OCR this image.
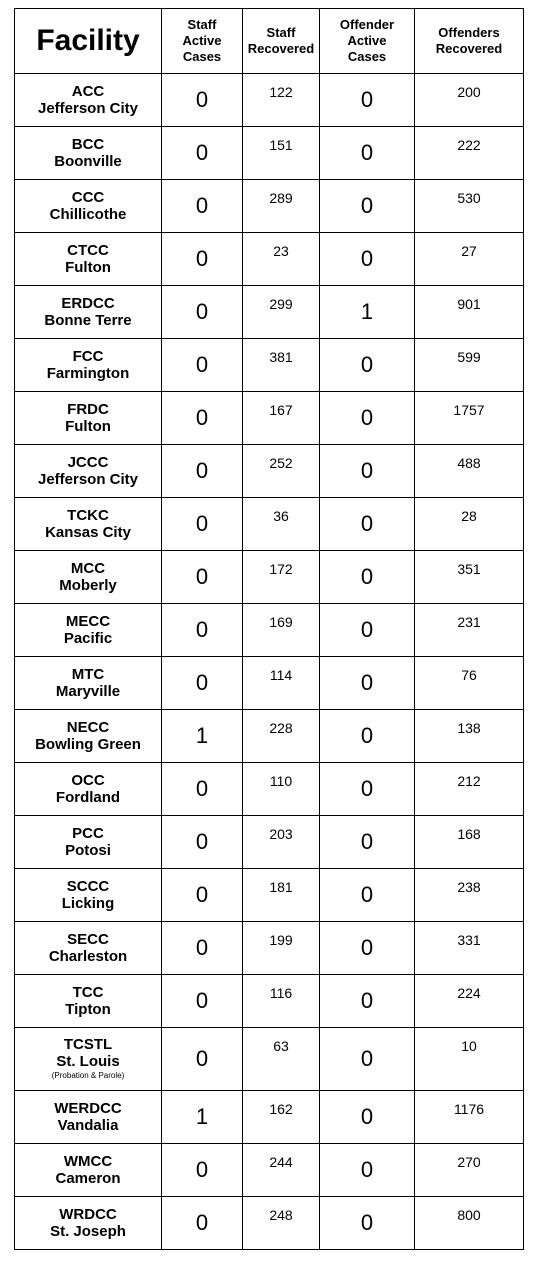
Facility	Staff
Active
Cases	Staff
Recovered	Offender
Active
Cases	Offenders
Recovered

ACC
Jefferson City	0	122	0	200

BCC
Boonville	0	151	0	222

CCC
Chillicothe	0	289	0	530

CTCC
Fulton	0	23	0	27

ERDCC
Bonne Terre	0	299	1	901

FCC
Farmington	0	381	0	599

FRDC
Fulton	0	167	0	1757

JCCC
Jefferson City	0	252	0	488

TCKC
Kansas City	0	36	0	28

MCC
Moberly	0	172	0	351

MECC
Pacific	0	169	0	231

MTC
Maryville	0	114	0	76

NECC
Bowling Green	1	228	0	138

OCC
Fordland	0	110	0	212

PCC
Potosi	0	203	0	168

SCCC
Licking	0	181	0	238

SECC
Charleston	0	199	0	331

TCC
Tipton	0	116	0	224

TCSTL
St. Louis
(Probation & Parole)	0	63	0	10

WERDCC
Vandalia	1	162	0	1176

WMCC
Cameron	0	244	0	270

WRDCC
St. Joseph	0	248	0	800
